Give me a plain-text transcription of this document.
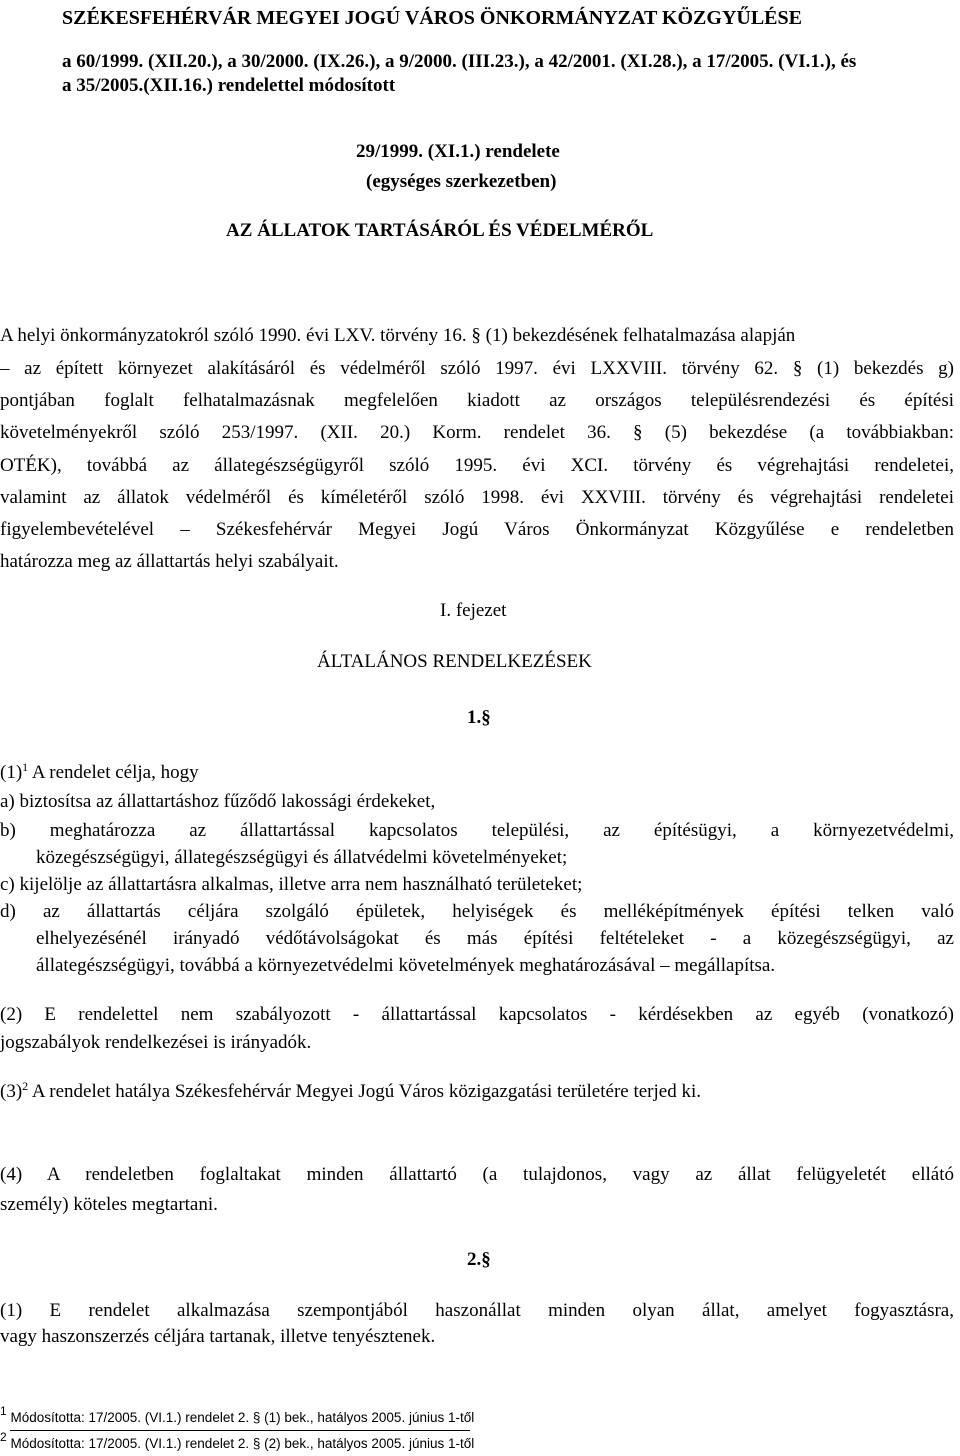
SZÉKESFEHÉRVÁR MEGYEI JOGÚ VÁROS ÖNKORMÁNYZAT KÖZGYŰLÉSE
a 60/1999. (XII.20.), a 30/2000. (IX.26.), a 9/2000. (III.23.), a 42/2001. (XI.28.), a 17/2005. (VI.1.), és
a 35/2005.(XII.16.) rendelettel módosított
29/1999. (XI.1.) rendelete
(egységes szerkezetben)
AZ ÁLLATOK TARTÁSÁRÓL ÉS VÉDELMÉRŐL
A helyi önkormányzatokról szóló 1990. évi LXV. törvény 16. § (1) bekezdésének felhatalmazása alapján
– az épített környezet alakításáról és védelméről szóló 1997. évi LXXVIII. törvény 62. § (1) bekezdés g)
pontjában foglalt felhatalmazásnak megfelelően kiadott az országos településrendezési és építési
követelményekről szóló 253/1997. (XII. 20.) Korm. rendelet 36. § (5) bekezdése (a továbbiakban:
OTÉK), továbbá az állategészségügyről szóló 1995. évi XCI. törvény és végrehajtási rendeletei,
valamint az állatok védelméről és kíméletéről szóló 1998. évi XXVIII. törvény és végrehajtási rendeletei
figyelembevételével – Székesfehérvár Megyei Jogú Város Önkormányzat Közgyűlése e rendeletben
határozza meg az állattartás helyi szabályait.
I. fejezet
ÁLTALÁNOS RENDELKEZÉSEK
1.§
$(1)^1$ A rendelet célja, hogy
a) biztosítsa az állattartáshoz fűződő lakossági érdekeket,
b) meghatározza az állattartással kapcsolatos települési, az építésügyi, a környezetvédelmi,
közegészségügyi, állategészségügyi és állatvédelmi követelményeket;
c) kijelölje az állattartásra alkalmas, illetve arra nem használható területeket;
d) az állattartás céljára szolgáló épületek, helyiségek és melléképítmények építési telken való
elhelyezésénél irányadó védőtávolságokat és más építési feltételeket - a közegészségügyi, az
állategészségügyi, továbbá a környezetvédelmi követelmények meghatározásával – megállapítsa.
(2) E rendelettel nem szabályozott - állattartással kapcsolatos - kérdésekben az egyéb (vonatkozó)
jogszabályok rendelkezései is irányadók.
$(3)^2$ A rendelet hatálya Székesfehérvár Megyei Jogú Város közigazgatási területére terjed ki.
(4) A rendeletben foglaltakat minden állattartó (a tulajdonos, vagy az állat felügyeletét ellátó
személy) köteles megtartani.
2.§
(1) E rendelet alkalmazása szempontjából haszonállat minden olyan állat, amelyet fogyasztásra,
vagy haszonszerzés céljára tartanak, illetve tenyésztenek.
$^1$ Módosította: 17/2005. (VI.1.) rendelet 2. § (1) bek., hatályos 2005. június 1-től
$^2$ Módosította: 17/2005. (VI.1.) rendelet 2. § (2) bek., hatályos 2005. június 1-től
